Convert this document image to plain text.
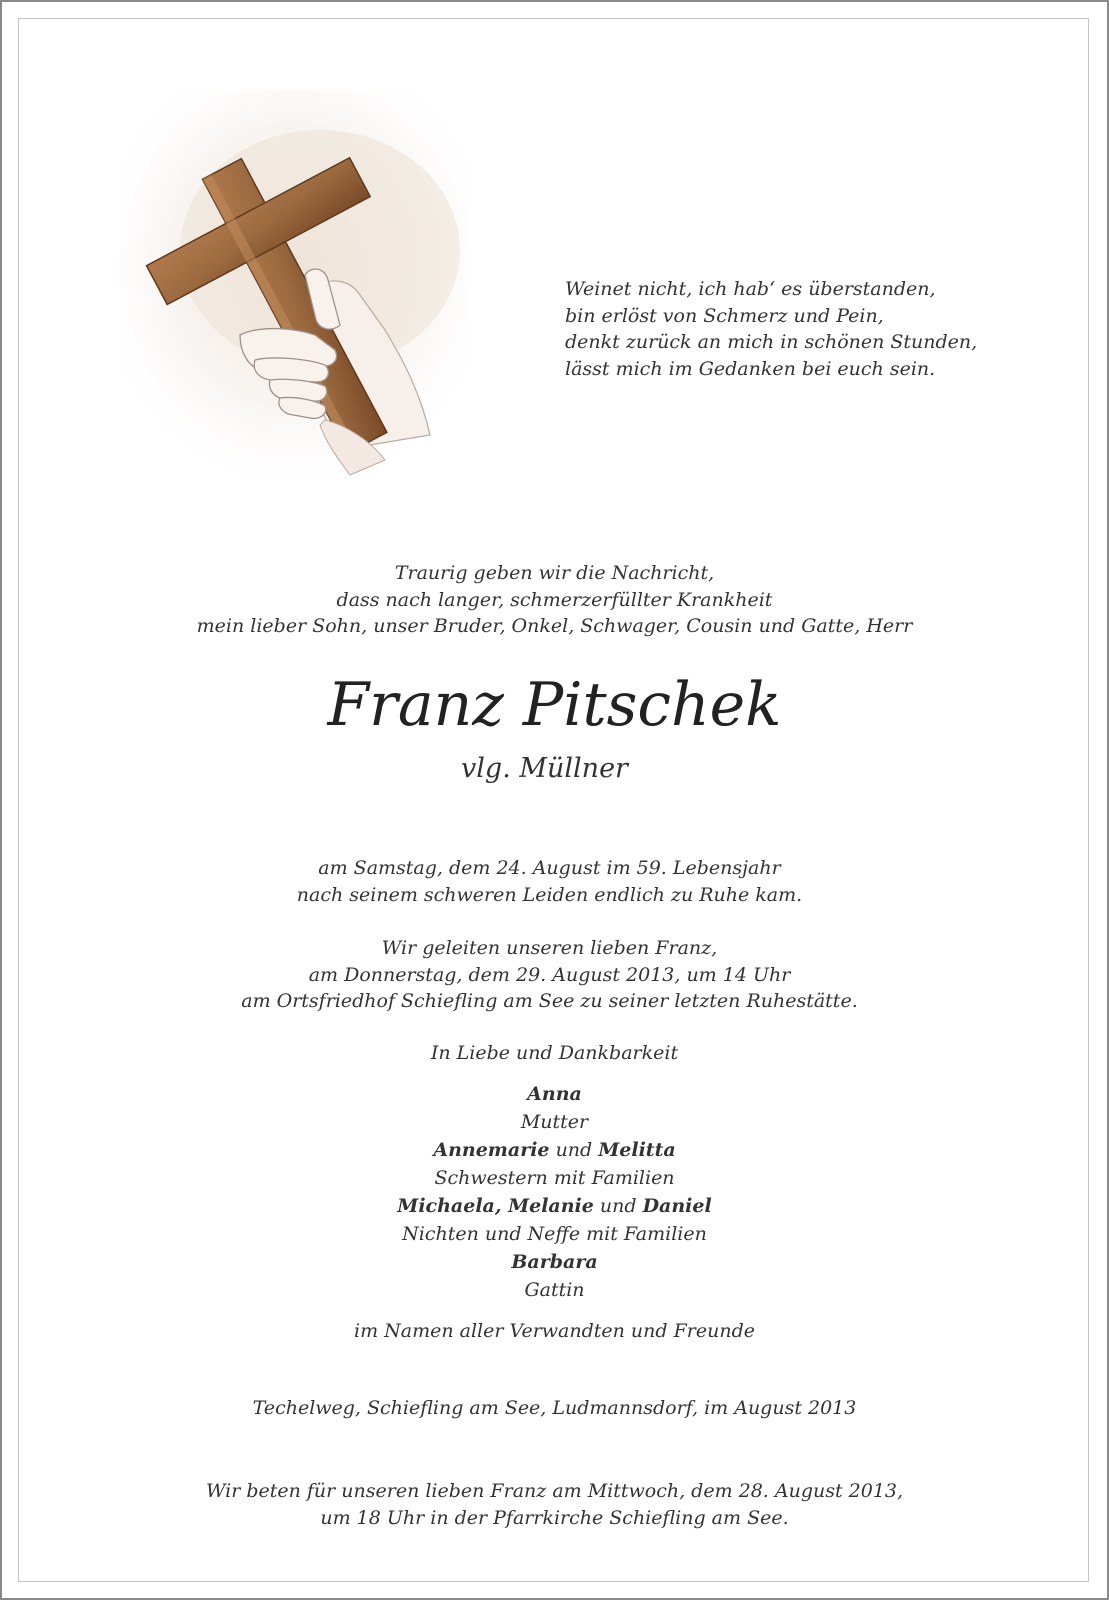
Weinet nicht, ich hab‘ es überstanden,
bin erlöst von Schmerz und Pein,
denkt zurück an mich in schönen Stunden,
lässt mich im Gedanken bei euch sein.
Traurig geben wir die Nachricht,
dass nach langer, schmerzerfüllter Krankheit
mein lieber Sohn, unser Bruder, Onkel, Schwager, Cousin und Gatte, Herr
Franz Pitschek
vlg. Müllner
am Samstag, dem 24. August im 59. Lebensjahr
nach seinem schweren Leiden endlich zu Ruhe kam.
Wir geleiten unseren lieben Franz,
am Donnerstag, dem 29. August 2013, um 14 Uhr
am Ortsfriedhof Schiefling am See zu seiner letzten Ruhestätte.
In Liebe und Dankbarkeit
Anna
Mutter
Annemarie und Melitta
Schwestern mit Familien
Michaela, Melanie und Daniel
Nichten und Neffe mit Familien
Barbara
Gattin
im Namen aller Verwandten und Freunde
Techelweg, Schiefling am See, Ludmannsdorf, im August 2013
Wir beten für unseren lieben Franz am Mittwoch, dem 28. August 2013,
um 18 Uhr in der Pfarrkirche Schiefling am See.
